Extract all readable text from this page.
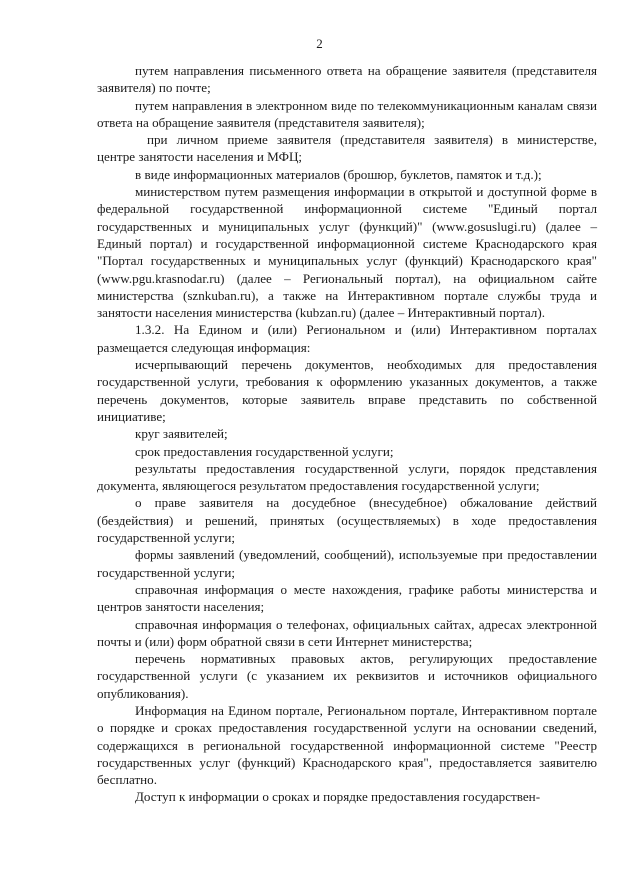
2

путем направления письменного ответа на обращение заявителя (представителя заявителя) по почте;

путем направления в электронном виде по телекоммуникационным каналам связи ответа на обращение заявителя (представителя заявителя);

при личном приеме заявителя (представителя заявителя) в министерстве, центре занятости населения и МФЦ;

в виде информационных материалов (брошюр, буклетов, памяток и т.д.);

министерством путем размещения информации в открытой и доступной форме в федеральной государственной информационной системе "Единый портал государственных и муниципальных услуг (функций)" (www.gosuslugi.ru) (далее – Единый портал) и государственной информационной системе Краснодарского края "Портал государственных и муниципальных услуг (функций) Краснодарского края" (www.pgu.krasnodar.ru) (далее – Региональный портал), на официальном сайте министерства (sznkuban.ru), а также на Интерактивном портале службы труда и занятости населения министерства (kubzan.ru) (далее – Интерактивный портал).

1.3.2. На Едином и (или) Региональном и (или) Интерактивном порталах размещается следующая информация:

исчерпывающий перечень документов, необходимых для предоставления государственной услуги, требования к оформлению указанных документов, а также перечень документов, которые заявитель вправе представить по собственной инициативе;

круг заявителей;

срок предоставления государственной услуги;

результаты предоставления государственной услуги, порядок представления документа, являющегося результатом предоставления государственной услуги;

о праве заявителя на досудебное (внесудебное) обжалование действий (бездействия) и решений, принятых (осуществляемых) в ходе предоставления государственной услуги;

формы заявлений (уведомлений, сообщений), используемые при предоставлении государственной услуги;

справочная информация о месте нахождения, графике работы министерства и центров занятости населения;

справочная информация о телефонах, официальных сайтах, адресах электронной почты и (или) форм обратной связи в сети Интернет министерства;

перечень нормативных правовых актов, регулирующих предоставление государственной услуги (с указанием их реквизитов и источников официального опубликования).

Информация на Едином портале, Региональном портале, Интерактивном портале о порядке и сроках предоставления государственной услуги на основании сведений, содержащихся в региональной государственной информационной системе "Реестр государственных услуг (функций) Краснодарского края", предоставляется заявителю бесплатно.

Доступ к информации о сроках и порядке предоставления государствен-
